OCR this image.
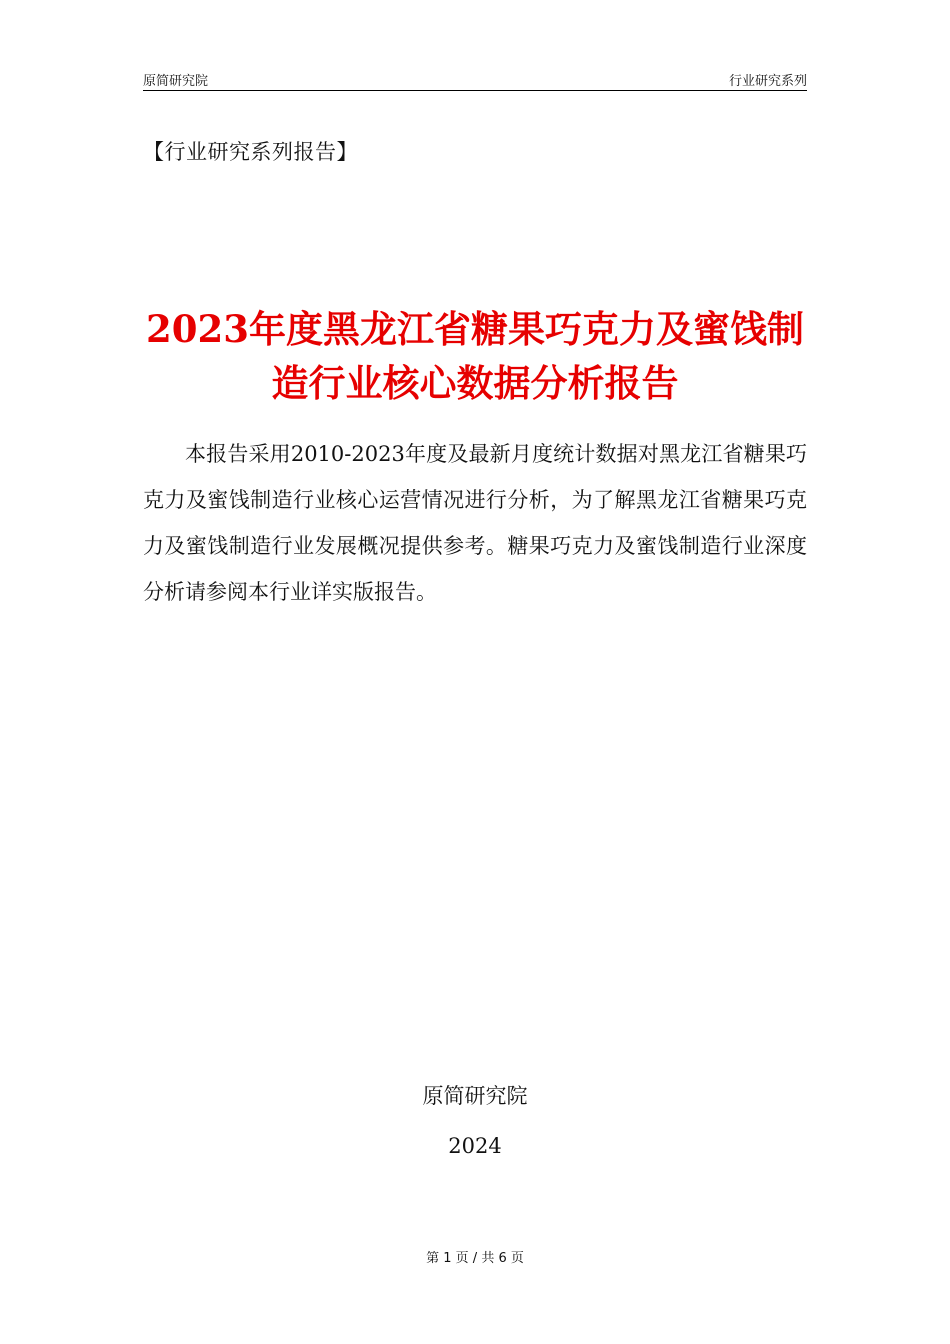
原简研究院	行业研究系列
【行业研究系列报告】
2023年度黑龙江省糖果巧克力及蜜饯制造行业核心数据分析报告

本报告采用2010-2023年度及最新月度统计数据对黑龙江省糖果巧克力及蜜饯制造行业核心运营情况进行分析，为了解黑龙江省糖果巧克力及蜜饯制造行业发展概况提供参考。糖果巧克力及蜜饯制造行业深度分析请参阅本行业详实版报告。

原简研究院
2024
第 1 页 / 共 6 页
